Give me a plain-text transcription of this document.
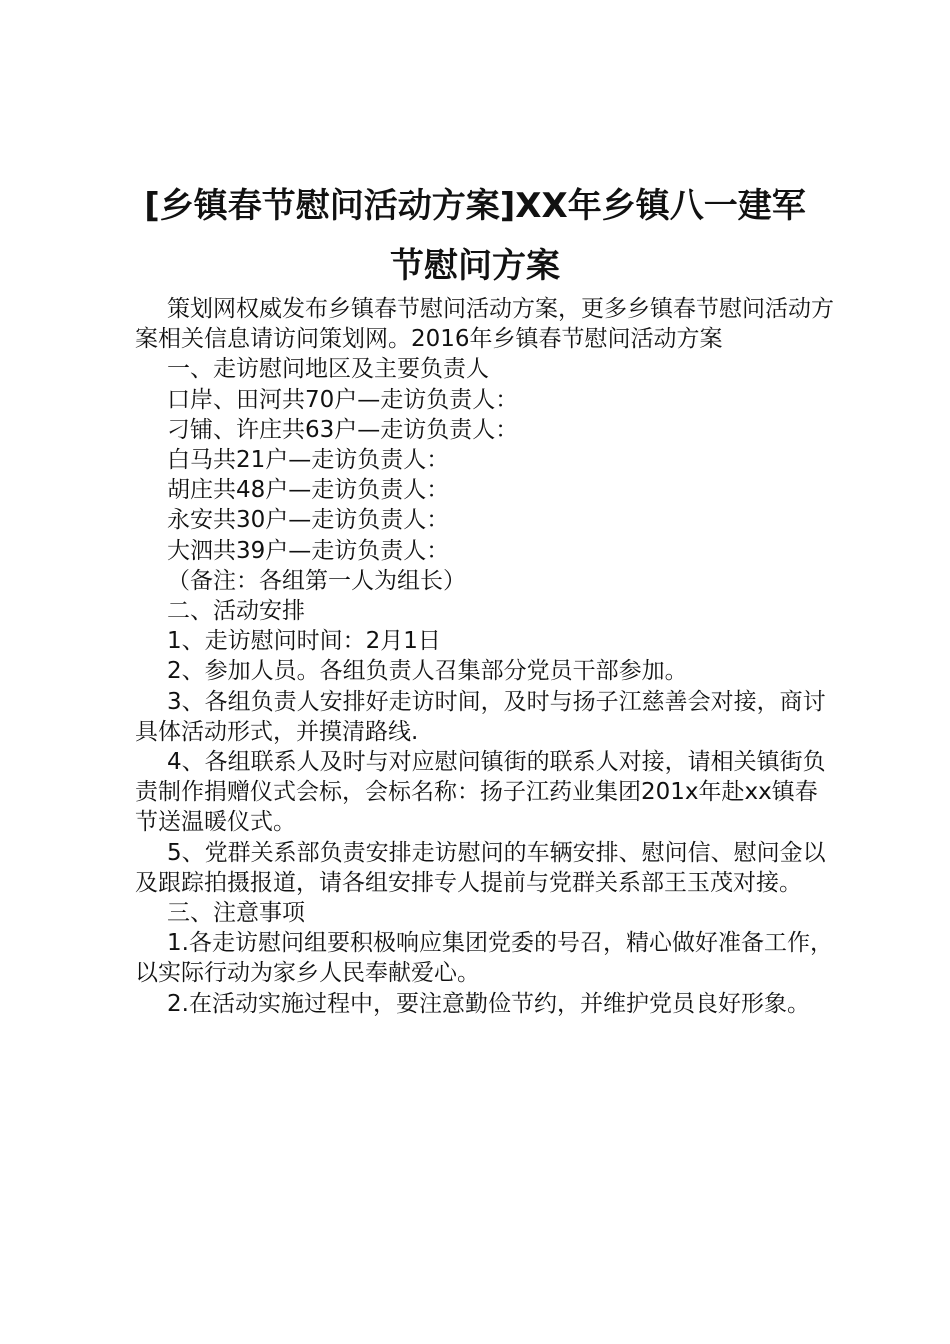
[乡镇春节慰问活动方案]XX年乡镇八一建军
节慰问方案

策划网权威发布乡镇春节慰问活动方案，更多乡镇春节慰问活动方案相关信息请访问策划网。2016年乡镇春节慰问活动方案

一、走访慰问地区及主要负责人

口岸、田河共70户—走访负责人：

刁铺、许庄共63户—走访负责人：

白马共21户—走访负责人：

胡庄共48户—走访负责人：

永安共30户—走访负责人：

大泗共39户—走访负责人：

（备注：各组第一人为组长）

二、活动安排

1、走访慰问时间：2月1日

2、参加人员。各组负责人召集部分党员干部参加。

3、各组负责人安排好走访时间，及时与扬子江慈善会对接，商讨具体活动形式，并摸清路线.

4、各组联系人及时与对应慰问镇街的联系人对接，请相关镇街负责制作捐赠仪式会标，会标名称：扬子江药业集团201x年赴xx镇春节送温暖仪式。

5、党群关系部负责安排走访慰问的车辆安排、慰问信、慰问金以及跟踪拍摄报道，请各组安排专人提前与党群关系部王玉茂对接。

三、注意事项

1.各走访慰问组要积极响应集团党委的号召，精心做好准备工作，以实际行动为家乡人民奉献爱心。

2.在活动实施过程中，要注意勤俭节约，并维护党员良好形象。
